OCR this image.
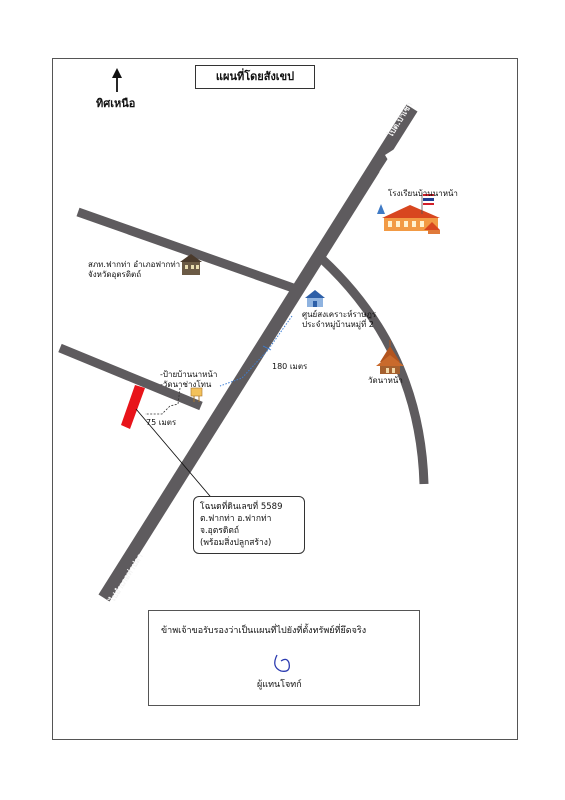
แผนที่โดยสังเขป
ทิศเหนือ	ไปต.ป่าเซ่า
ไปอำเภอท่าปลา
โรงเรียนบ้านนาหน้า
สภท.ฟากท่า อำเภอฟากท่า
จังหวัดอุตรดิตถ์
ศูนย์สงเคราะห์ราษฎร
ประจำหมู่บ้านหมู่ที่ 2
-ป้ายบ้านนาหน้า
-วัดนาช่างโทน	วัดนาหน้า
180 เมตร
75 เมตร
โฉนดที่ดินเลขที่ 5589
ต.ฟากท่า อ.ฟากท่า
จ.อุตรดิตถ์
(พร้อมสิ่งปลูกสร้าง)
ข้าพเจ้าขอรับรองว่าเป็นแผนที่ไปยังที่ตั้งทรัพย์ที่ยึดจริง
ผู้แทนโจทก์
